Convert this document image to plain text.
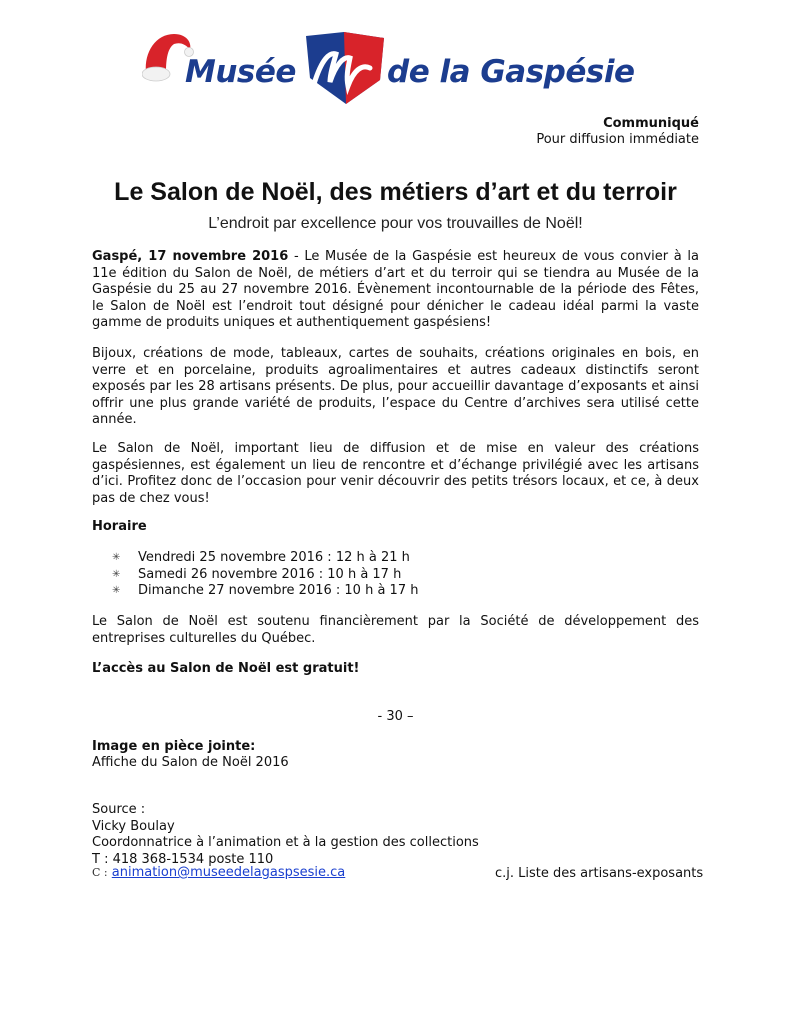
Musée	de la Gaspésie
Communiqué
Pour diffusion immédiate
Le Salon de Noël, des métiers d’art et du terroir
L’endroit par excellence pour vos trouvailles de Noël!

Gaspé, 17 novembre 2016 - Le Musée de la Gaspésie est heureux de vous convier à la 11e édition du Salon de Noël, de métiers d’art et du terroir qui se tiendra au Musée de la Gaspésie du 25 au 27 novembre 2016. Évènement incontournable de la période des Fêtes, le Salon de Noël est l’endroit tout désigné pour dénicher le cadeau idéal parmi la vaste gamme de produits uniques et authentiquement gaspésiens!

Bijoux, créations de mode, tableaux, cartes de souhaits, créations originales en bois, en verre et en porcelaine, produits agroalimentaires et autres cadeaux distinctifs seront exposés par les 28 artisans présents. De plus, pour accueillir davantage d’exposants et ainsi offrir une plus grande variété de produits, l’espace du Centre d’archives sera utilisé cette année.

Le Salon de Noël, important lieu de diffusion et de mise en valeur des créations gaspésiennes, est également un lieu de rencontre et d’échange privilégié avec les artisans d’ici. Profitez donc de l’occasion pour venir découvrir des petits trésors locaux, et ce, à deux pas de chez vous!

Horaire
✳ Vendredi 25 novembre 2016 : 12 h à 21 h
✳ Samedi 26 novembre 2016 : 10 h à 17 h
✳ Dimanche 27 novembre 2016 : 10 h à 17 h

Le Salon de Noël est soutenu financièrement par la Société de développement des entreprises culturelles du Québec.

L’accès au Salon de Noël est gratuit!
- 30 –
Image en pièce jointe:
Affiche du Salon de Noël 2016
Source :
Vicky Boulay
Coordonnatrice à l’animation et à la gestion des collections
T : 418 368-1534 poste 110
C : animation@museedelagaspsesie.ca	c.j. Liste des artisans-exposants
